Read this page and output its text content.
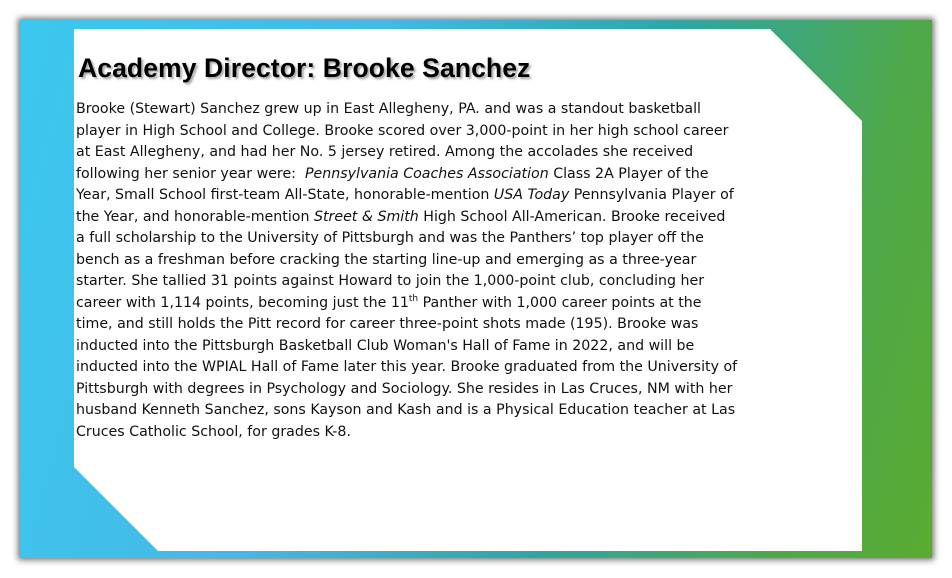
Academy Director: Brooke Sanchez

Brooke (Stewart) Sanchez grew up in East Allegheny, PA. and was a standout basketball player in High School and College. Brooke scored over 3,000-point in her high school career at East Allegheny, and had her No. 5 jersey retired. Among the accolades she received following her senior year were:  Pennsylvania Coaches Association Class 2A Player of the Year, Small School first-team All-State, honorable-mention USA Today Pennsylvania Player of the Year, and honorable-mention Street & Smith High School All-American. Brooke received a full scholarship to the University of Pittsburgh and was the Panthers’ top player off the bench as a freshman before cracking the starting line-up and emerging as a three-year starter. She tallied 31 points against Howard to join the 1,000-point club, concluding her career with 1,114 points, becoming just the 11th Panther with 1,000 career points at the time, and still holds the Pitt record for career three-point shots made (195). Brooke was inducted into the Pittsburgh Basketball Club Woman's Hall of Fame in 2022, and will be inducted into the WPIAL Hall of Fame later this year. Brooke graduated from the University of Pittsburgh with degrees in Psychology and Sociology. She resides in Las Cruces, NM with her husband Kenneth Sanchez, sons Kayson and Kash and is a Physical Education teacher at Las Cruces Catholic School, for grades K-8.
